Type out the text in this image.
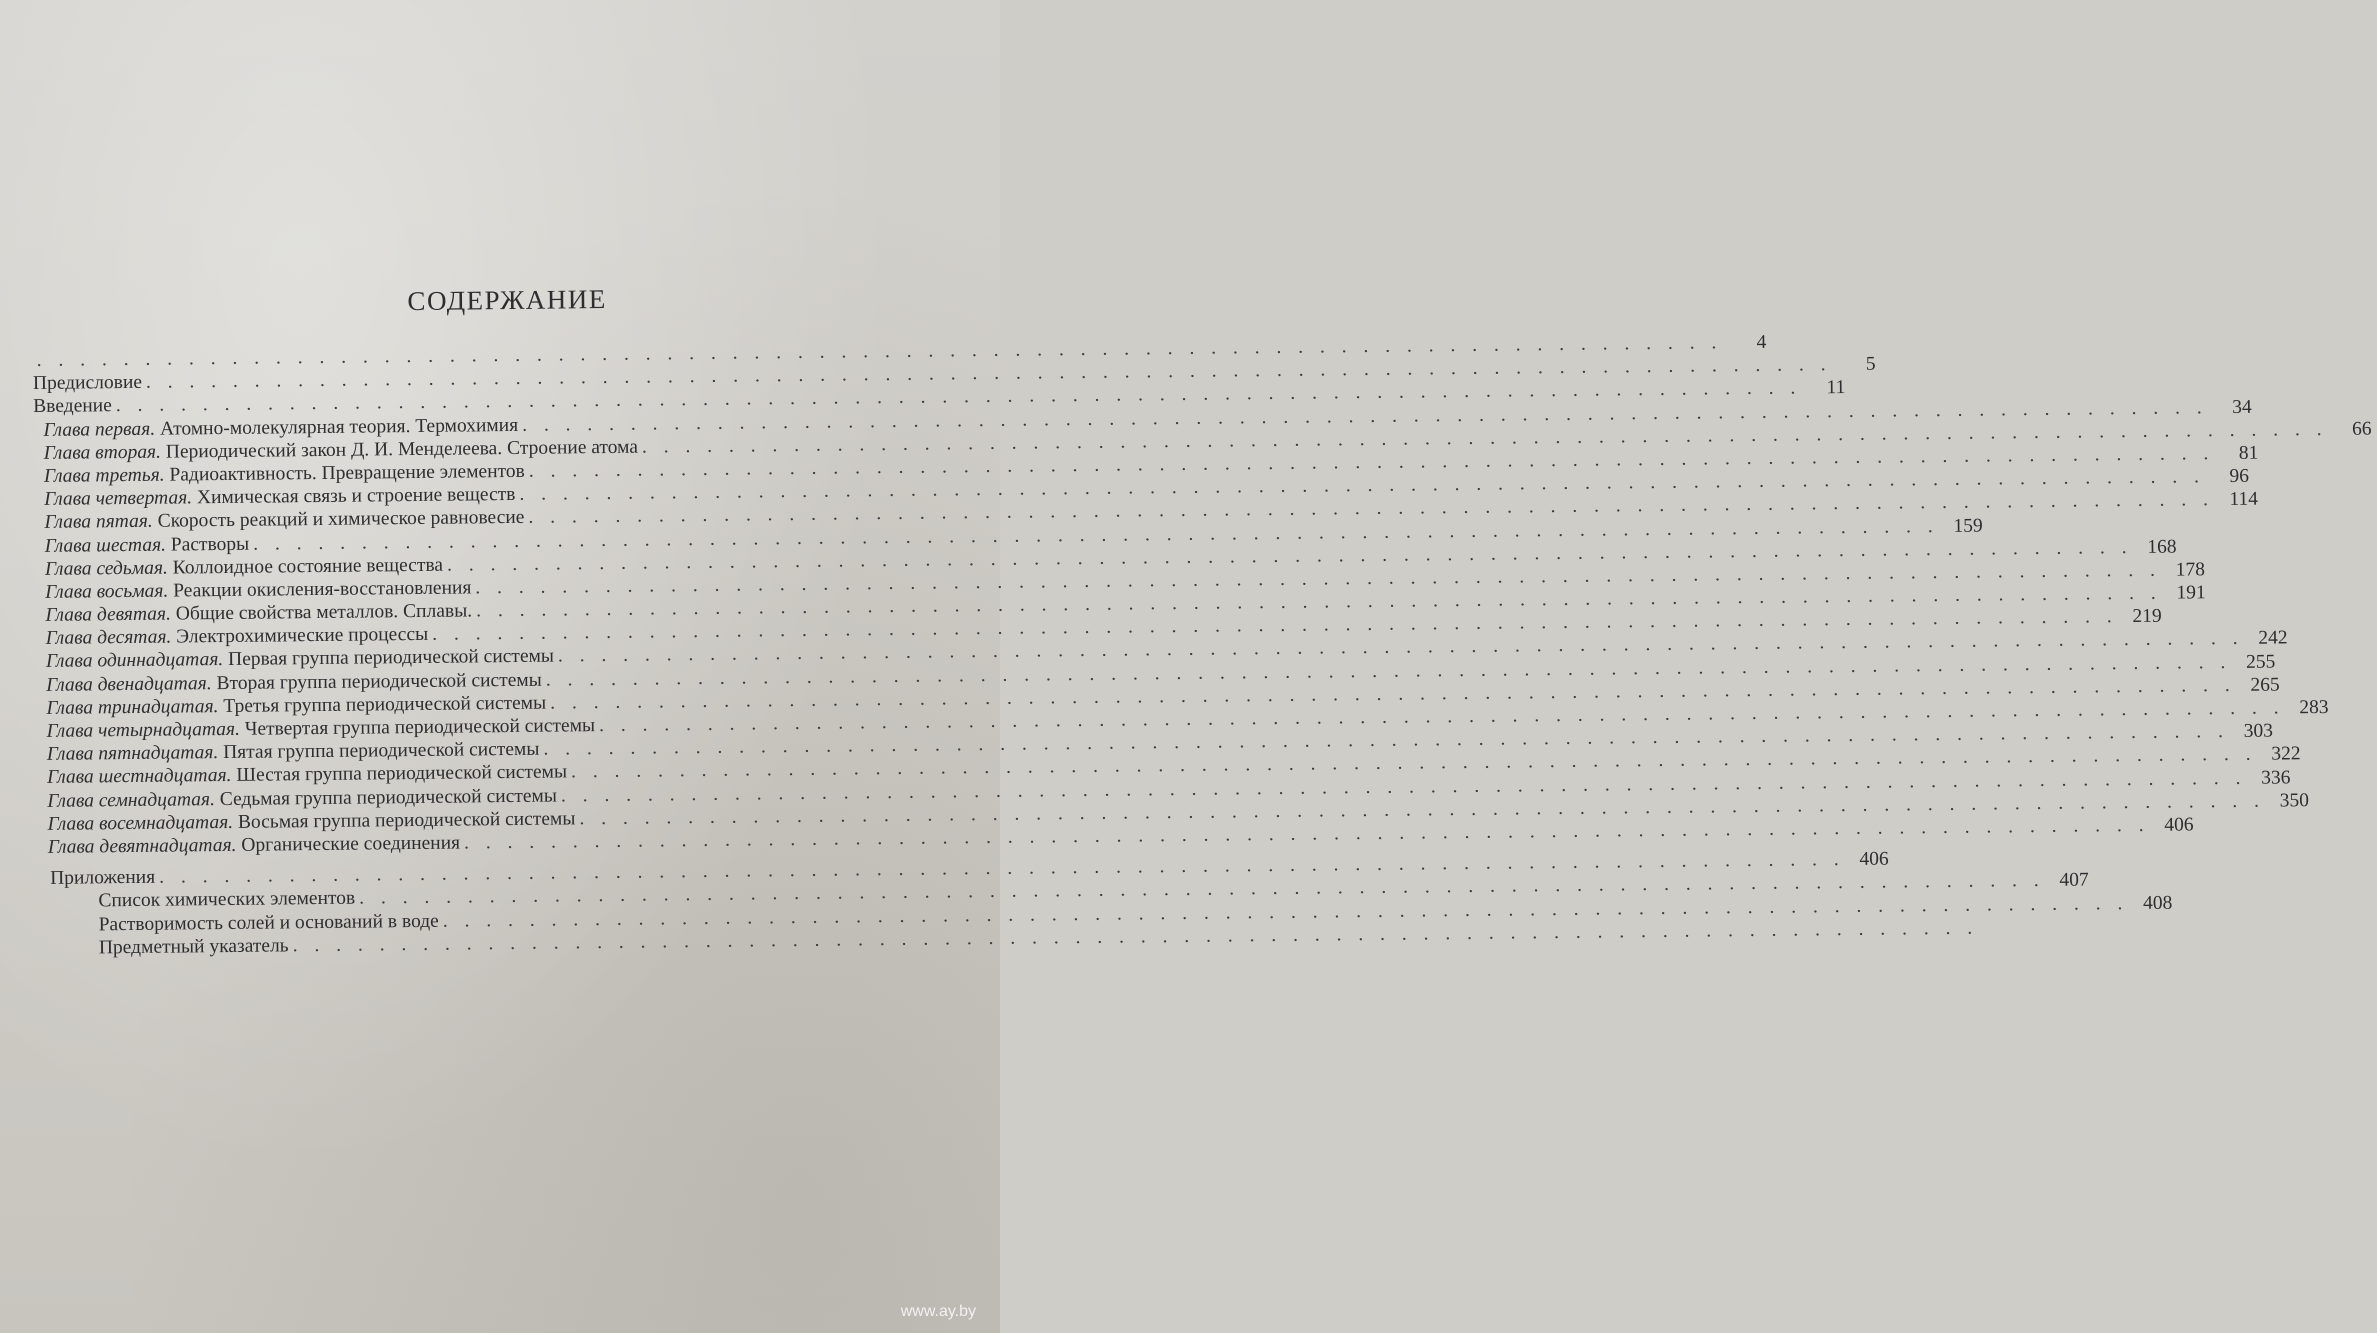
СОДЕРЖАНИЕ
. . .
4
Предисловие
. . .
5
Введение
. . .
11
Глава первая. Атомно-молекулярная теория. Термохимия
. . .
34
Глава вторая. Периодический закон Д. И. Менделеева. Строение атома
. . .
66
Глава третья. Радиоактивность. Превращение элементов
. . .
81
Глава четвертая. Химическая связь и строение веществ
. . .
96
Глава пятая. Скорость реакций и химическое равновесие
. . .
114
Глава шестая. Растворы
. . .
159
Глава седьмая. Коллоидное состояние вещества
. . .
168
Глава восьмая. Реакции окисления-восстановления
. . .
178
Глава девятая. Общие свойства металлов. Сплавы.
. . .
191
Глава десятая. Электрохимические процессы
. . .
219
Глава одиннадцатая. Первая группа периодической системы
. . .
242
Глава двенадцатая. Вторая группа периодической системы
. . .
255
Глава тринадцатая. Третья группа периодической системы
. . .
265
Глава четырнадцатая. Четвертая группа периодической системы
. . .
283
Глава пятнадцатая. Пятая группа периодической системы
. . .
303
Глава шестнадцатая. Шестая группа периодической системы
. . .
322
Глава семнадцатая. Седьмая группа периодической системы
. . .
336
Глава восемнадцатая. Восьмая группа периодической системы
. . .
350
Глава девятнадцатая. Органические соединения
. . .
406
Приложения
. . .
406
Список химических элементов
. . .
407
Растворимость солей и оснований в воде
. . .
408
Предметный указатель
. . .
www.ay.by
